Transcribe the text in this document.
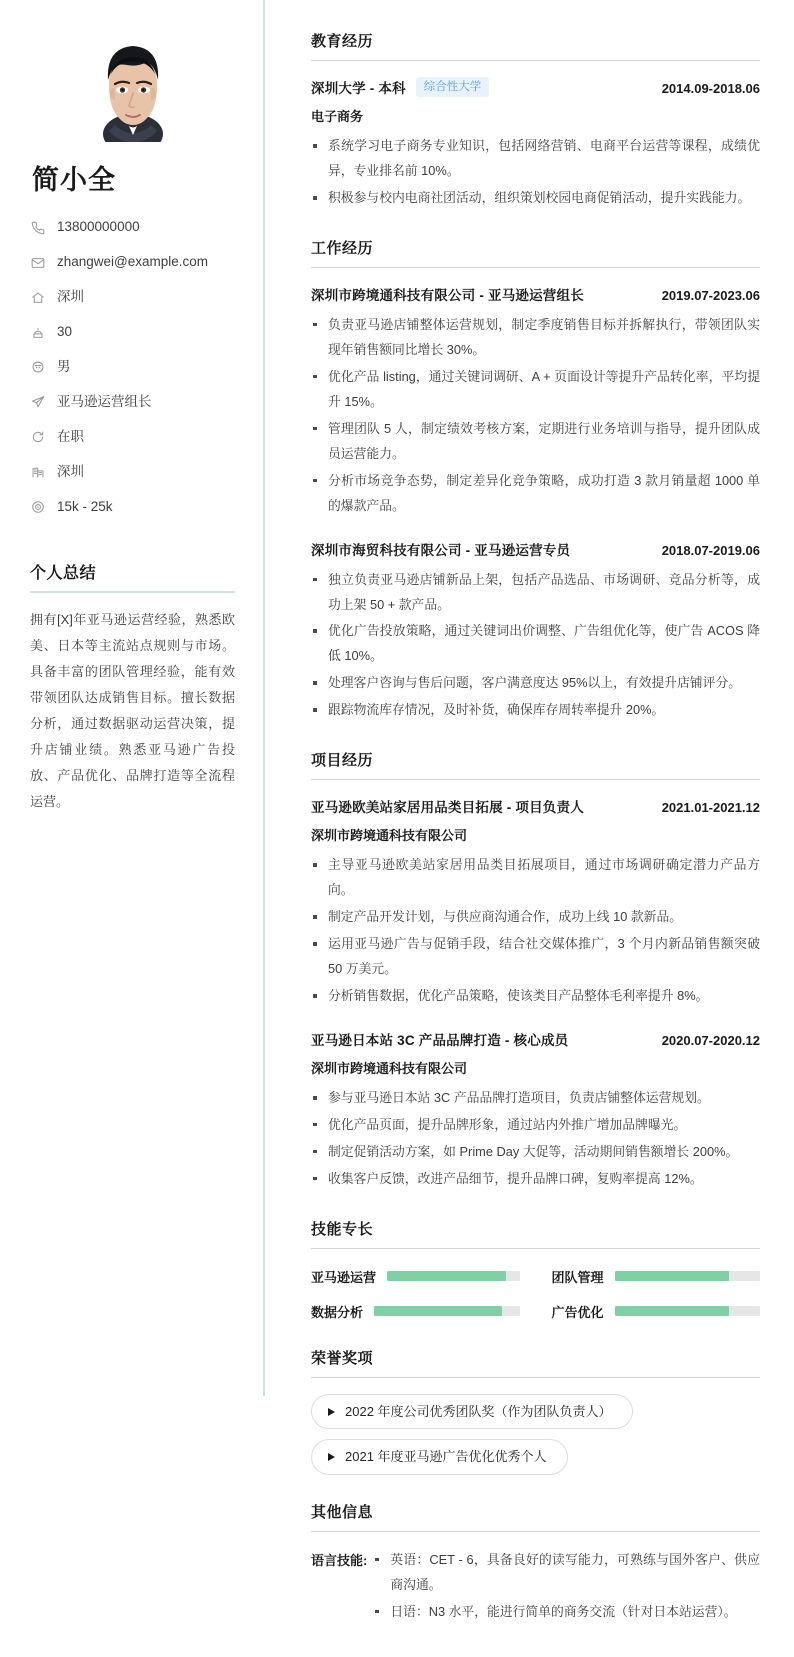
简小全
13800000000
zhangwei@example.com
深圳
30
男
亚马逊运营组长
在职
深圳
15k - 25k
个人总结

拥有[X]年亚马逊运营经验，熟悉欧美、日本等主流站点规则与市场。具备丰富的团队管理经验，能有效带领团队达成销售目标。擅长数据分析，通过数据驱动运营决策，提升店铺业绩。熟悉亚马逊广告投放、产品优化、品牌打造等全流程运营。

教育经历
深圳大学 - 本科	综合性大学	2014.09-2018.06
电子商务
系统学习电子商务专业知识，包括网络营销、电商平台运营等课程，成绩优异，专业排名前 10%。
积极参与校内电商社团活动，组织策划校园电商促销活动，提升实践能力。
工作经历
深圳市跨境通科技有限公司 - 亚马逊运营组长	2019.07-2023.06
负责亚马逊店铺整体运营规划，制定季度销售目标并拆解执行，带领团队实现年销售额同比增长 30%。
优化产品 listing，通过关键词调研、A + 页面设计等提升产品转化率，平均提升 15%。
管理团队 5 人，制定绩效考核方案，定期进行业务培训与指导，提升团队成员运营能力。
分析市场竞争态势，制定差异化竞争策略，成功打造 3 款月销量超 1000 单的爆款产品。
深圳市海贸科技有限公司 - 亚马逊运营专员	2018.07-2019.06
独立负责亚马逊店铺新品上架，包括产品选品、市场调研、竞品分析等，成功上架 50 + 款产品。
优化广告投放策略，通过关键词出价调整、广告组优化等，使广告 ACOS 降低 10%。
处理客户咨询与售后问题，客户满意度达 95%以上，有效提升店铺评分。
跟踪物流库存情况，及时补货，确保库存周转率提升 20%。
项目经历
亚马逊欧美站家居用品类目拓展 - 项目负责人	2021.01-2021.12
深圳市跨境通科技有限公司
主导亚马逊欧美站家居用品类目拓展项目，通过市场调研确定潜力产品方向。
制定产品开发计划，与供应商沟通合作，成功上线 10 款新品。
运用亚马逊广告与促销手段，结合社交媒体推广，3 个月内新品销售额突破 50 万美元。
分析销售数据，优化产品策略，使该类目产品整体毛利率提升 8%。
亚马逊日本站 3C 产品品牌打造 - 核心成员	2020.07-2020.12
深圳市跨境通科技有限公司
参与亚马逊日本站 3C 产品品牌打造项目，负责店铺整体运营规划。
优化产品页面，提升品牌形象，通过站内外推广增加品牌曝光。
制定促销活动方案，如 Prime Day 大促等，活动期间销售额增长 200%。
收集客户反馈，改进产品细节，提升品牌口碑，复购率提高 12%。
技能专长
亚马逊运营	团队管理
数据分析	广告优化
荣誉奖项
2022 年度公司优秀团队奖（作为团队负责人）
2021 年度亚马逊广告优化优秀个人
其他信息
语言技能:	英语：CET - 6，具备良好的读写能力，可熟练与国外客户、供应商沟通。
日语：N3 水平，能进行简单的商务交流（针对日本站运营）。
